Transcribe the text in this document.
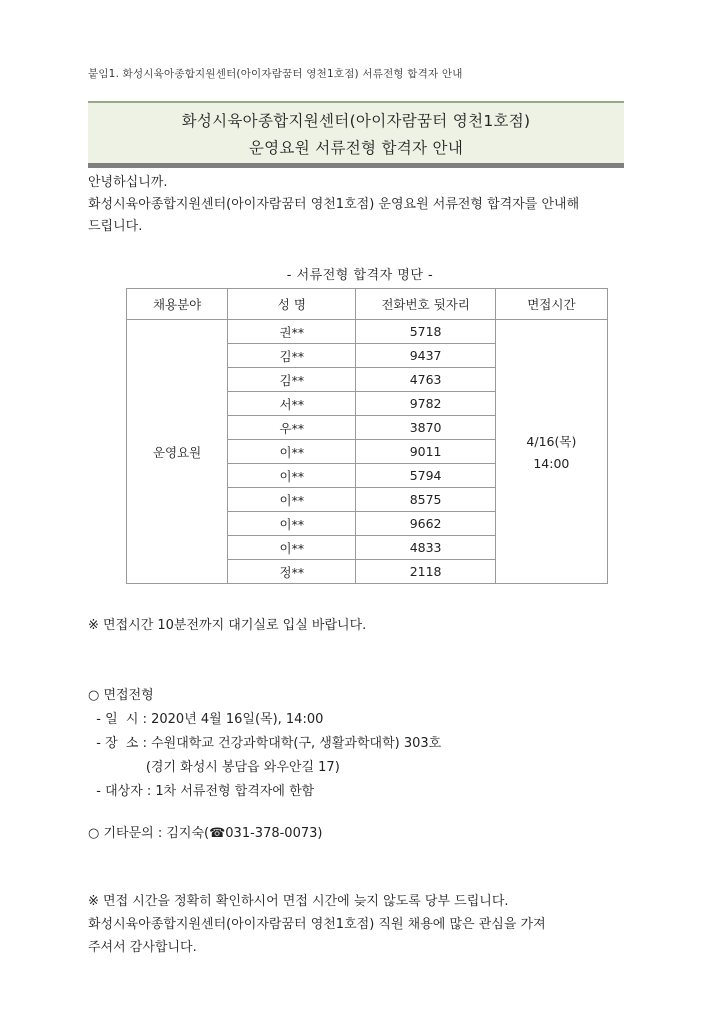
붙임1. 화성시육아종합지원센터(아이자람꿈터 영천1호점) 서류전형 합격자 안내
화성시육아종합지원센터(아이자람꿈터 영천1호점)
운영요원 서류전형 합격자 안내

안녕하십니까.

화성시육아종합지원센터(아이자람꿈터 영천1호점) 운영요원 서류전형 합격자를 안내해

드립니다.

- 서류전형 합격자 명단 -
채용분야	성 명	전화번호 뒷자리	면접시간
운영요원	권**	5718	4/16(목)
14:00

	김**	9437	
	김**	4763	
	서**	9782	
	우**	3870	
	이**	9011	
	이**	5794	
	이**	8575	
	이**	9662	
	이**	4833	
	정**	2118	
※ 면접시간 10분전까지 대기실로 입실 바랍니다.
○ 면접전형
- 일  시 : 2020년 4월 16일(목), 14:00
- 장  소 : 수원대학교 건강과학대학(구, 생활과학대학) 303호
(경기 화성시 봉담읍 와우안길 17)
- 대상자 : 1차 서류전형 합격자에 한함
○ 기타문의 : 김지숙(☎031-378-0073)

※ 면접 시간을 정확히 확인하시어 면접 시간에 늦지 않도록 당부 드립니다.

화성시육아종합지원센터(아이자람꿈터 영천1호점) 직원 채용에 많은 관심을 가져

주셔서 감사합니다.
